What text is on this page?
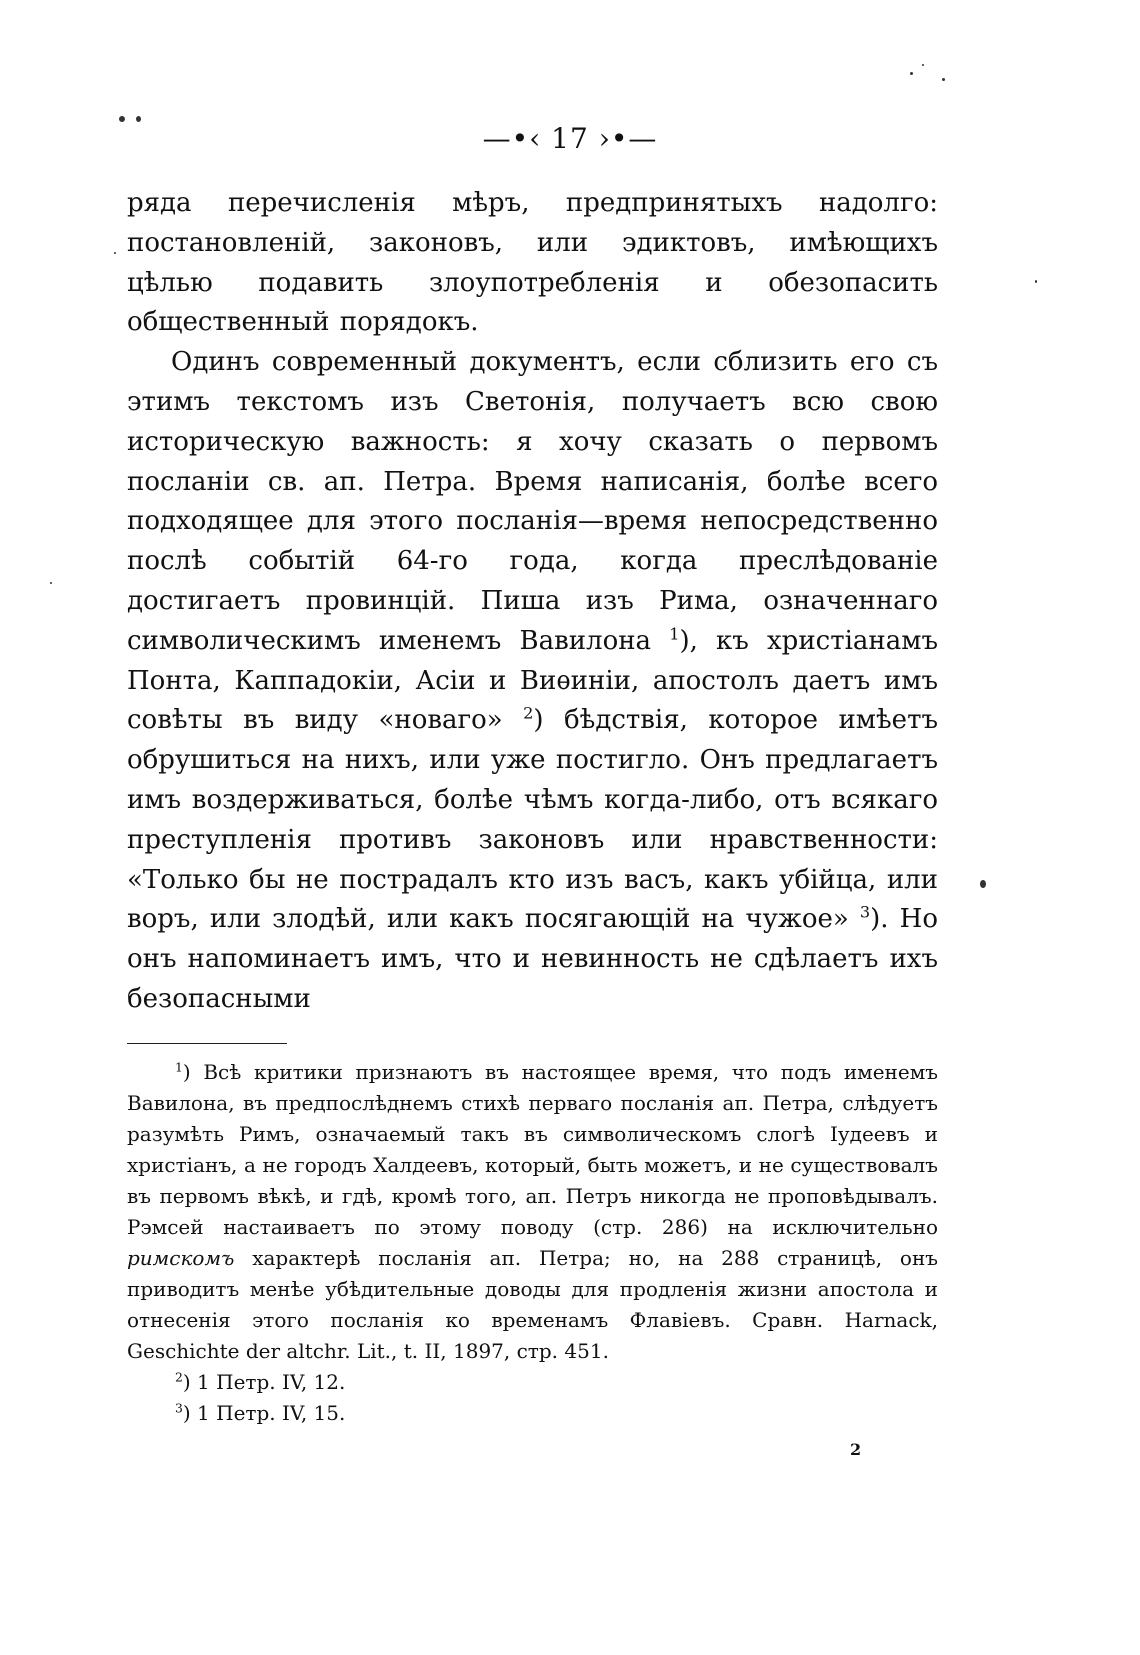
—•‹ 17 ›•—

ряда перечисленія мѣръ, предпринятыхъ надолго: постановленій, законовъ, или эдиктовъ, имѣющихъ цѣлью подавить злоупотребленія и обезопасить общественный порядокъ.

Одинъ современный документъ, если сблизить его съ этимъ текстомъ изъ Светонія, получаетъ всю свою историческую важность: я хочу сказать о первомъ посланіи св. ап. Петра. Время написанія, болѣе всего подходящее для этого посланія—время непосредственно послѣ событій 64-го года, когда преслѣдованіе достигаетъ провинцій. Пиша изъ Рима, означеннаго символическимъ именемъ Вавилона $^1$), къ христіанамъ Понта, Каппадокіи, Асіи и Виѳиніи, апостолъ даетъ имъ совѣты въ виду «новаго» $^2$) бѣдствія, которое имѣетъ обрушиться на нихъ, или уже постигло. Онъ предлагаетъ имъ воздерживаться, болѣе чѣмъ когда-либо, отъ всякаго преступленія противъ законовъ или нравственности: «Только бы не пострадалъ кто изъ васъ, какъ убійца, или воръ, или злодѣй, или какъ посягающій на чужое» $^3$). Но онъ напоминаетъ имъ, что и невинность не сдѣлаетъ ихъ безопасными

$^1$) Всѣ критики признаютъ въ настоящее время, что подъ именемъ Вавилона, въ предпослѣднемъ стихѣ перваго посланія ап. Петра, слѣдуетъ разумѣть Римъ, означаемый такъ въ символическомъ слогѣ Іудеевъ и христіанъ, а не городъ Халдеевъ, который, быть можетъ, и не существовалъ въ первомъ вѣкѣ, и гдѣ, кромѣ того, ап. Петръ никогда не проповѣдывалъ. Рэмсей настаиваетъ по этому поводу (стр. 286) на исключительно римскомъ характерѣ посланія ап. Петра; но, на 288 страницѣ, онъ приводитъ менѣе убѣдительные доводы для продленія жизни апостола и отнесенія этого посланія ко временамъ Флавіевъ. Сравн. Harnack, Geschichte der altchr. Lit., t. II, 1897, стр. 451.

$^2$) 1 Петр. IV, 12.

$^3$) 1 Петр. IV, 15.

2
